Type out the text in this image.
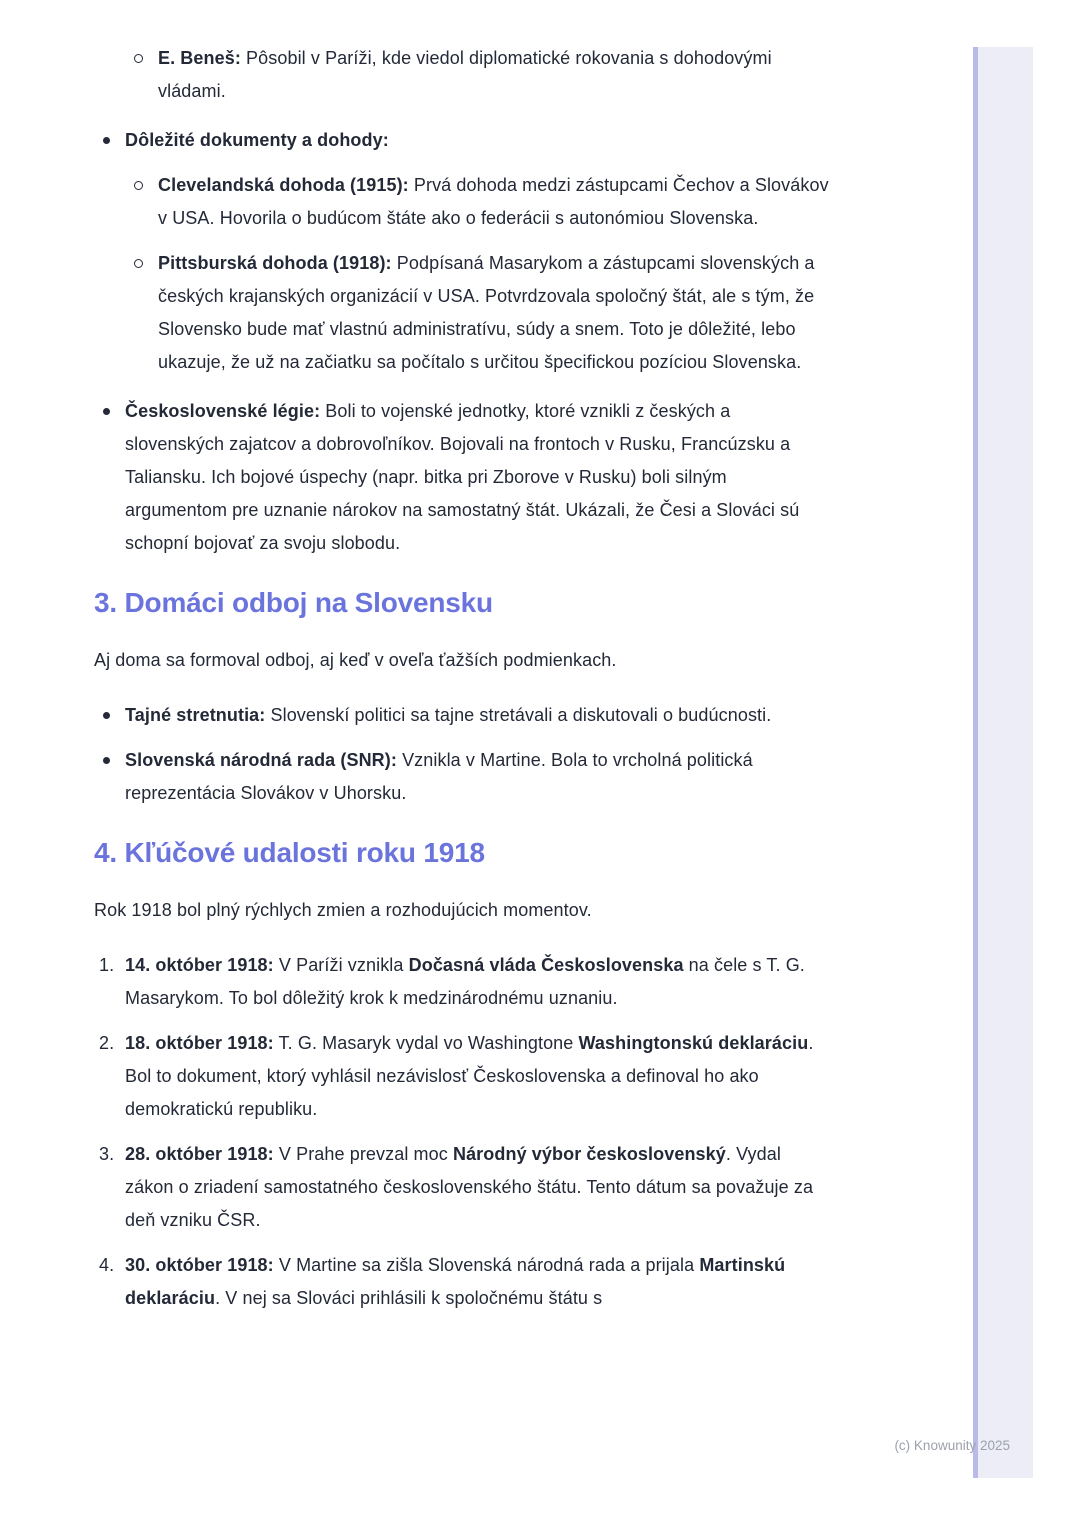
E. Beneš: Pôsobil v Paríži, kde viedol diplomatické rokovania s dohodovými vládami.
Dôležité dokumenty a dohody:
Clevelandská dohoda (1915): Prvá dohoda medzi zástupcami Čechov a Slovákov v USA. Hovorila o budúcom štáte ako o federácii s autonómiou Slovenska.
Pittsburská dohoda (1918): Podpísaná Masarykom a zástupcami slovenských a českých krajanských organizácií v USA. Potvrdzovala spoločný štát, ale s tým, že Slovensko bude mať vlastnú administratívu, súdy a snem. Toto je dôležité, lebo ukazuje, že už na začiatku sa počítalo s určitou špecifickou pozíciou Slovenska.
Československé légie: Boli to vojenské jednotky, ktoré vznikli z českých a slovenských zajatcov a dobrovoľníkov. Bojovali na frontoch v Rusku, Francúzsku a Taliansku. Ich bojové úspechy (napr. bitka pri Zborove v Rusku) boli silným argumentom pre uznanie nárokov na samostatný štát. Ukázali, že Česi a Slováci sú schopní bojovať za svoju slobodu.
3. Domáci odboj na Slovensku

Aj doma sa formoval odboj, aj keď v oveľa ťažších podmienkach.

Tajné stretnutia: Slovenskí politici sa tajne stretávali a diskutovali o budúcnosti.
Slovenská národná rada (SNR): Vznikla v Martine. Bola to vrcholná politická reprezentácia Slovákov v Uhorsku.
4. Kľúčové udalosti roku 1918

Rok 1918 bol plný rýchlych zmien a rozhodujúcich momentov.

1. 14. október 1918: V Paríži vznikla Dočasná vláda Československa na čele s T. G. Masarykom. To bol dôležitý krok k medzinárodnému uznaniu.
2. 18. október 1918: T. G. Masaryk vydal vo Washingtone Washingtonskú deklaráciu. Bol to dokument, ktorý vyhlásil nezávislosť Československa a definoval ho ako demokratickú republiku.
3. 28. október 1918: V Prahe prevzal moc Národný výbor československý. Vydal zákon o zriadení samostatného československého štátu. Tento dátum sa považuje za deň vzniku ČSR.
4. 30. október 1918: V Martine sa zišla Slovenská národná rada a prijala Martinskú deklaráciu. V nej sa Slováci prihlásili k spoločnému štátu s
(c) Knowunity 2025
